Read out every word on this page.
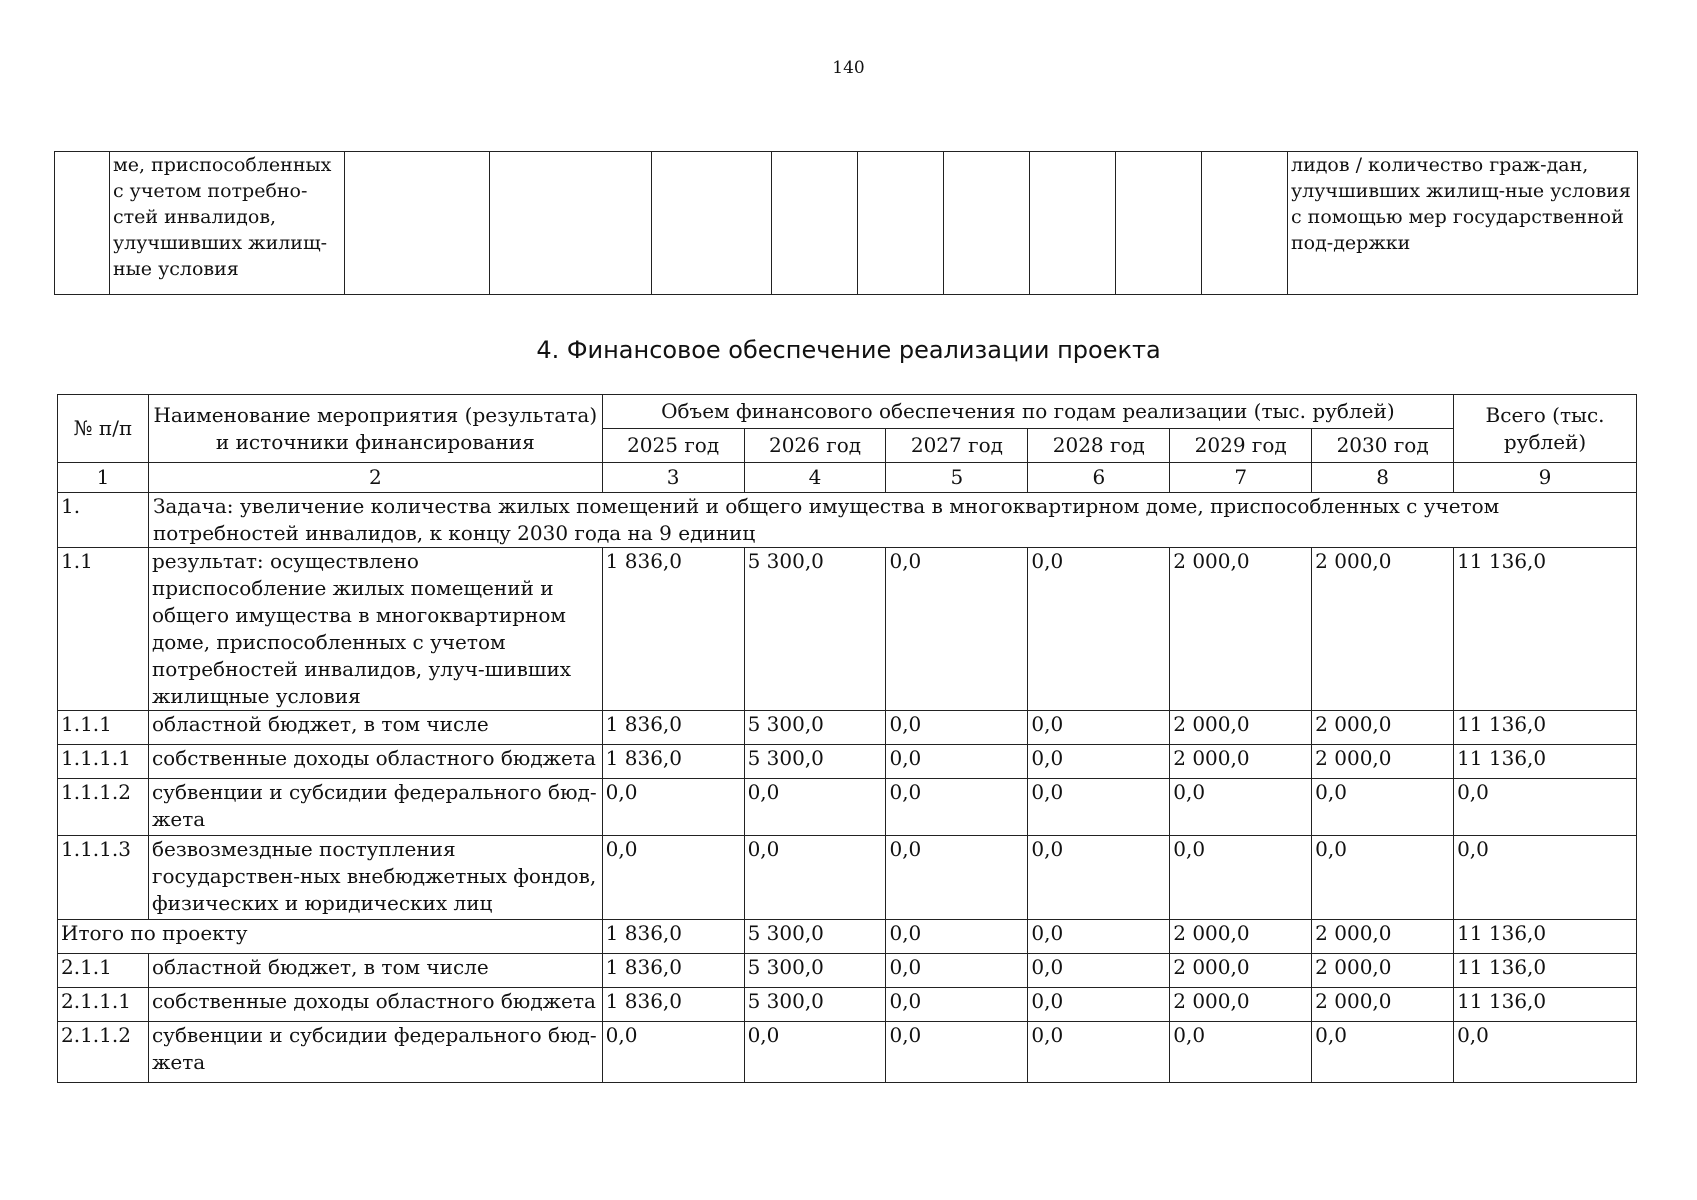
140
	ме, приспособленных с учетом потребно-стей инвалидов, улучшивших жилищ-ные условия										лидов / количество граж-дан, улучшивших жилищ-ные условия с помощью мер государственной под-держки
4. Финансовое обеспечение реализации проекта
№ п/п	Наименование мероприятия (результата) и источники финансирования	Объем финансового обеспечения по годам реализации (тыс. рублей)						Всего (тыс. рублей)
		2025 год	2026 год	2027 год	2028 год	2029 год	2030 год	
1	2	3	4	5	6	7	8	9
1.	Задача: увеличение количества жилых помещений и общего имущества в многоквартирном доме, приспособленных с учетом потребностей инвалидов, к концу 2030 года на 9 единиц							
1.1	результат: осуществлено приспособление жилых помещений и общего имущества в многоквартирном доме, приспособленных с учетом потребностей инвалидов, улуч-шивших жилищные условия	1 836,0	5 300,0	0,0	0,0	2 000,0	2 000,0	11 136,0
1.1.1	областной бюджет, в том числе	1 836,0	5 300,0	0,0	0,0	2 000,0	2 000,0	11 136,0
1.1.1.1	собственные доходы областного бюджета	1 836,0	5 300,0	0,0	0,0	2 000,0	2 000,0	11 136,0
1.1.1.2	субвенции и субсидии федерального бюд-жета	0,0	0,0	0,0	0,0	0,0	0,0	0,0
1.1.1.3	безвозмездные поступления государствен-ных внебюджетных фондов, физических и юридических лиц	0,0	0,0	0,0	0,0	0,0	0,0	0,0
Итого по проекту		1 836,0	5 300,0	0,0	0,0	2 000,0	2 000,0	11 136,0
2.1.1	областной бюджет, в том числе	1 836,0	5 300,0	0,0	0,0	2 000,0	2 000,0	11 136,0
2.1.1.1	собственные доходы областного бюджета	1 836,0	5 300,0	0,0	0,0	2 000,0	2 000,0	11 136,0
2.1.1.2	субвенции и субсидии федерального бюд-жета	0,0	0,0	0,0	0,0	0,0	0,0	0,0
